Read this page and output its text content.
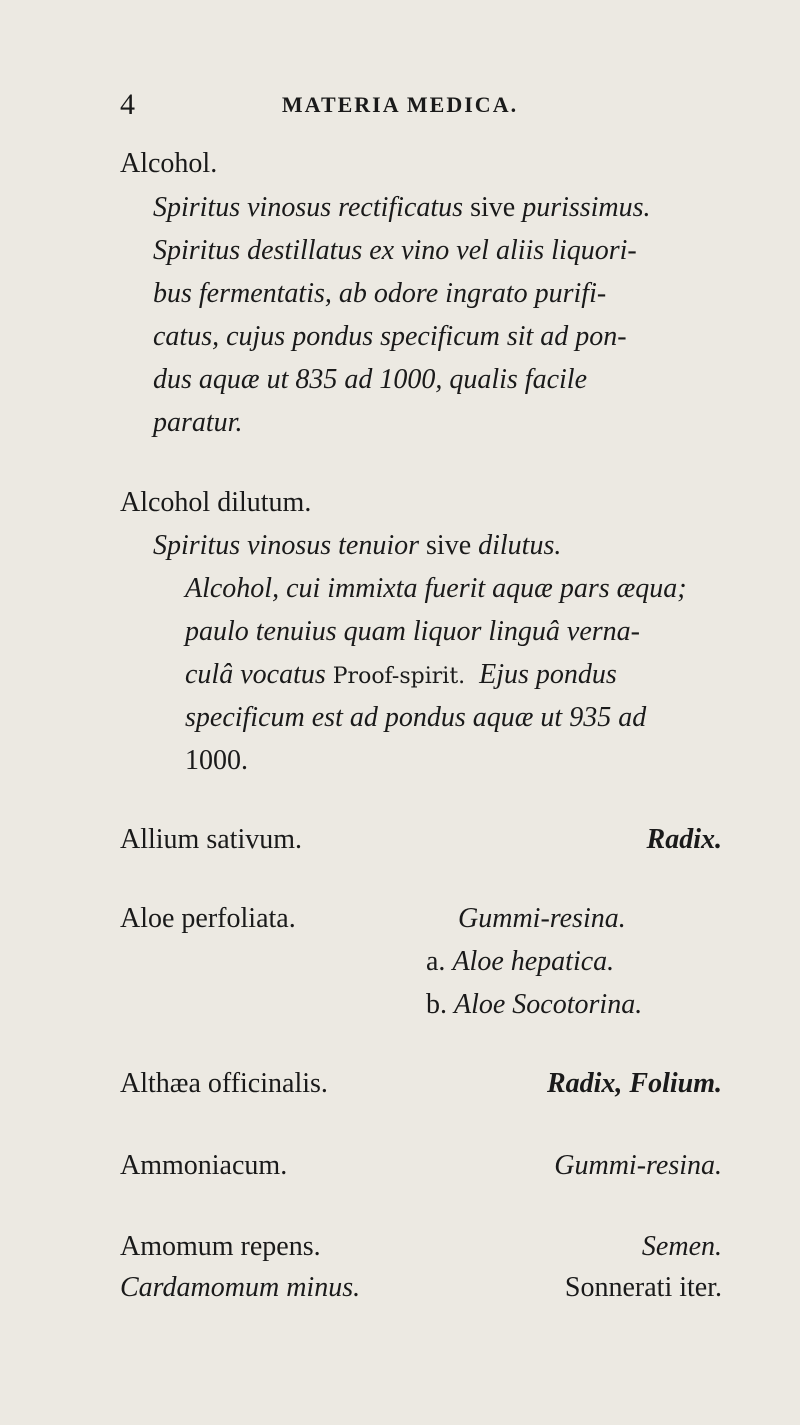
4	MATERIA MEDICA.
Alcohol.
Spiritus vinosus rectificatus sive purissimus.
Spiritus destillatus ex vino vel aliis liquori-
bus fermentatis, ab odore ingrato purifi-
catus, cujus pondus specificum sit ad pon-
dus aquæ ut 835 ad 1000, qualis facile
paratur.
Alcohol dilutum.
Spiritus vinosus tenuior sive dilutus.
Alcohol, cui immixta fuerit aquæ pars æqua;
paulo tenuius quam liquor linguâ verna-
culâ vocatus Proof-spirit. Ejus pondus
specificum est ad pondus aquæ ut 935 ad
1000.
Allium sativum.	Radix.
Aloe perfoliata.	Gummi-resina.
a. Aloe hepatica.
b. Aloe Socotorina.
Althæa officinalis.	Radix, Folium.
Ammoniacum.	Gummi-resina.
Amomum repens.	Semen.
Cardamomum minus.	Sonnerati iter.
